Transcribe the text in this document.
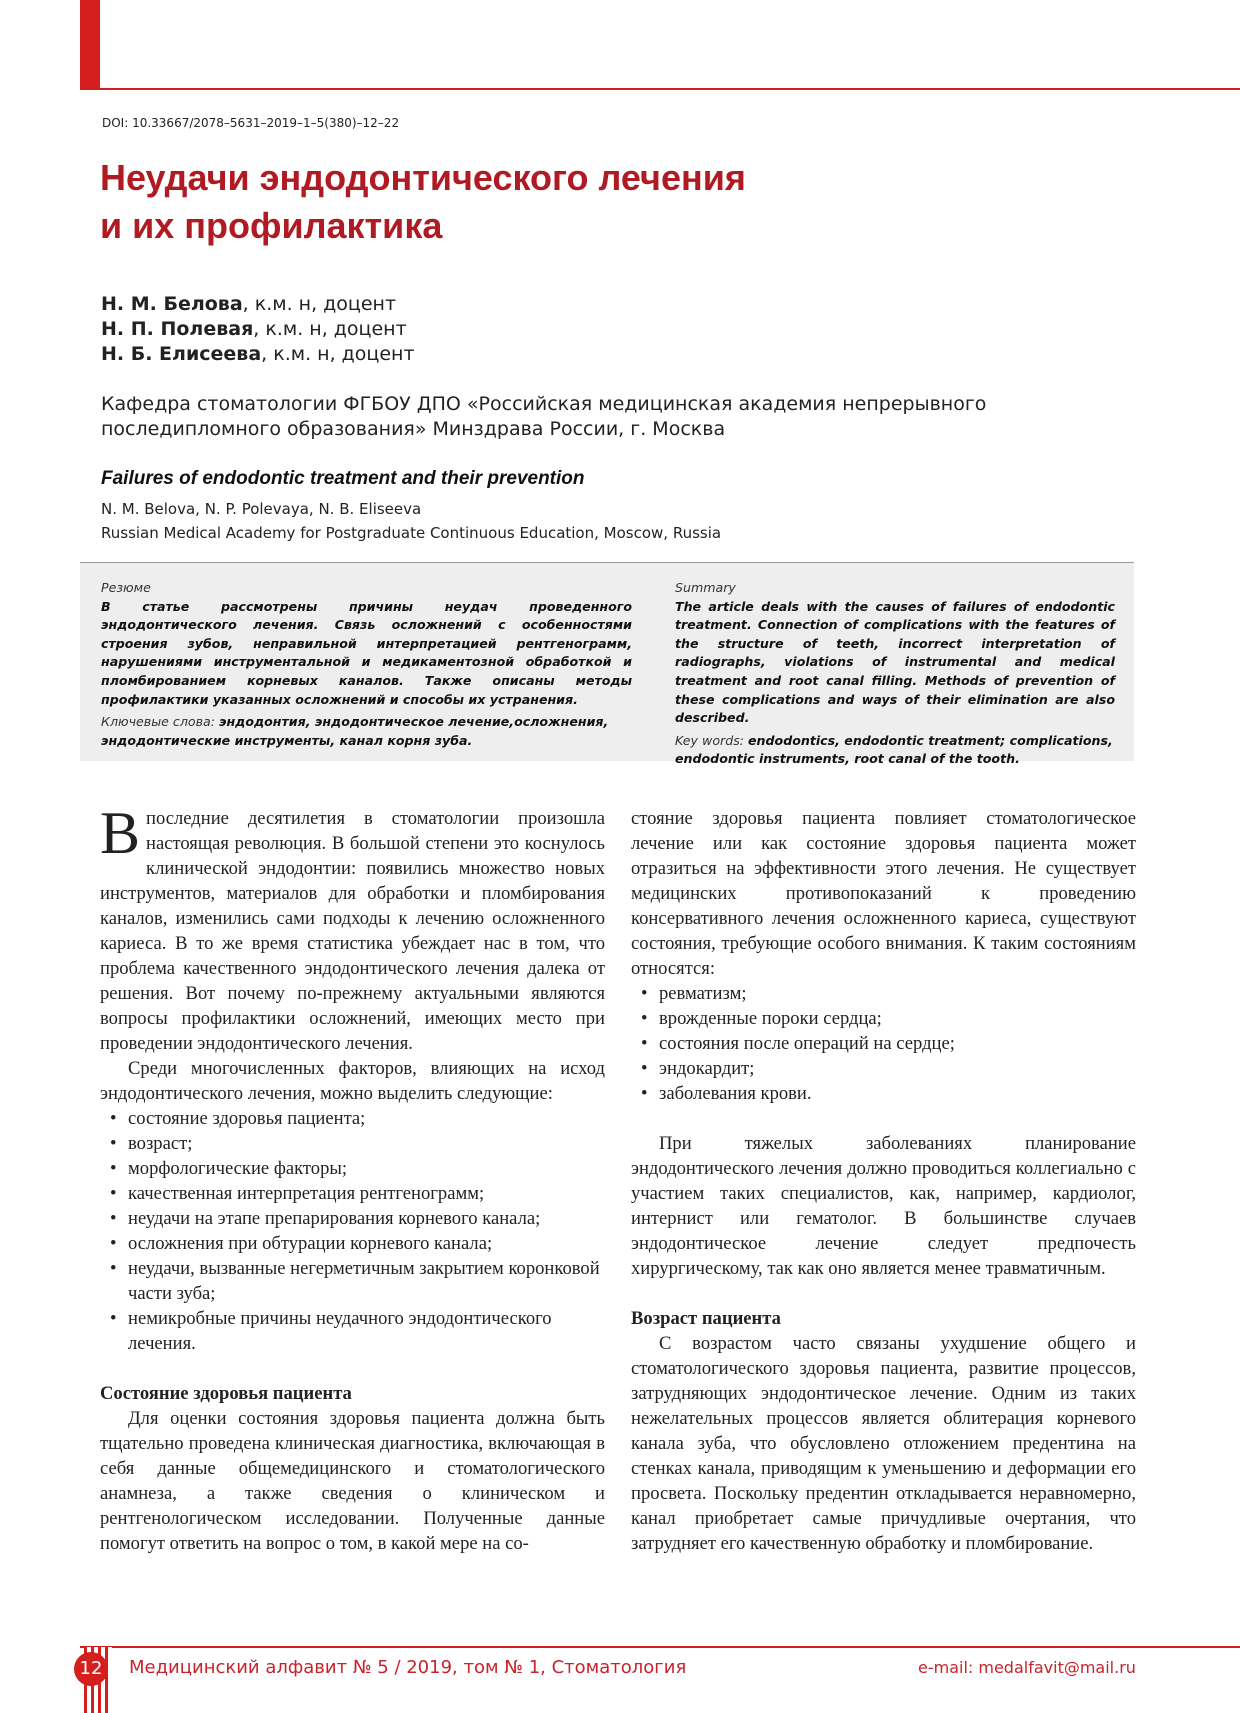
DOI: 10.33667/2078–5631–2019–1–5(380)–12–22
Неудачи эндодонтического лечения
и их профилактика
Н. М. Белова, к.м. н, доцент
Н. П. Полевая, к.м. н, доцент
Н. Б. Елисеева, к.м. н, доцент
Кафедра стоматологии ФГБОУ ДПО «Российская медицинская академия непрерывного последипломного образования» Минздрава России, г. Москва
Failures of endodontic treatment and their prevention
N. M. Belova, N. P. Polevaya, N. B. Eliseeva
Russian Medical Academy for Postgraduate Continuous Education, Moscow, Russia
Резюме
В статье рассмотрены причины неудач проведенного эндодонтического лечения. Связь осложнений с особенностями строения зубов, неправильной интерпретацией рентгенограмм, нарушениями инструментальной и медикаментозной обработкой и пломбированием корневых каналов. Также описаны методы профилактики указанных осложнений и способы их устранения.
Ключевые слова: эндодонтия, эндодонтическое лечение,осложнения, эндодонтические инструменты, канал корня зуба.
Summary
The article deals with the causes of failures of endodontic treatment. Connection of complications with the features of the structure of teeth, incorrect interpretation of radiographs, violations of instrumental and medical treatment and root canal filling. Methods of prevention of these complications and ways of their elimination are also described.
Key words: endodontics, endodontic treatment; complications, endodontic instruments, root canal of the tooth.

Впоследние десятилетия в стоматологии произошла настоящая революция. В большой степени это коснулось клинической эндодонтии: появились множество новых инструментов, материалов для обработки и пломбирования каналов, изменились сами подходы к лечению осложненного кариеса. В то же время статистика убеждает нас в том, что проблема качественного эндодонтического лечения далека от решения. Вот почему по-прежнему актуальными являются вопросы профилактики осложнений, имеющих место при проведении эндодонтического лечения.

Среди многочисленных факторов, влияющих на исход эндодонтического лечения, можно выделить следующие:

• состояние здоровья пациента;
• возраст;
• морфологические факторы;
• качественная интерпретация рентгенограмм;
• неудачи на этапе препарирования корневого канала;
• осложнения при обтурации корневого канала;
• неудачи, вызванные негерметичным закрытием коронковой части зуба;
• немикробные причины неудачного эндодонтического лечения.

Состояние здоровья пациента

Для оценки состояния здоровья пациента должна быть тщательно проведена клиническая диагностика, включающая в себя данные общемедицинского и стоматологического анамнеза, а также сведения о клиническом и рентгенологическом исследовании. Полученные данные помогут ответить на вопрос о том, в какой мере на со-

стояние здоровья пациента повлияет стоматологическое лечение или как состояние здоровья пациента может отразиться на эффективности этого лечения. Не существует медицинских противопоказаний к проведению консервативного лечения осложненного кариеса, существуют состояния, требующие особого внимания. К таким состояниям относятся:

• ревматизм;
• врожденные пороки сердца;
• состояния после операций на сердце;
• эндокардит;
• заболевания крови.

При тяжелых заболеваниях планирование эндодонтического лечения должно проводиться коллегиально с участием таких специалистов, как, например, кардиолог, интернист или гематолог. В большинстве случаев эндодонтическое лечение следует предпочесть хирургическому, так как оно является менее травматичным.

Возраст пациента

С возрастом часто связаны ухудшение общего и стоматологического здоровья пациента, развитие процессов, затрудняющих эндодонтическое лечение. Одним из таких нежелательных процессов является облитерация корневого канала зуба, что обусловлено отложением предентина на стенках канала, приводящим к уменьшению и деформации его просвета. Поскольку предентин откладывается неравномерно, канал приобретает самые причудливые очертания, что затрудняет его качественную обработку и пломбирование.

12	Медицинский алфавит № 5 / 2019, том № 1, Стоматология	e-mail: medalfavit@mail.ru
